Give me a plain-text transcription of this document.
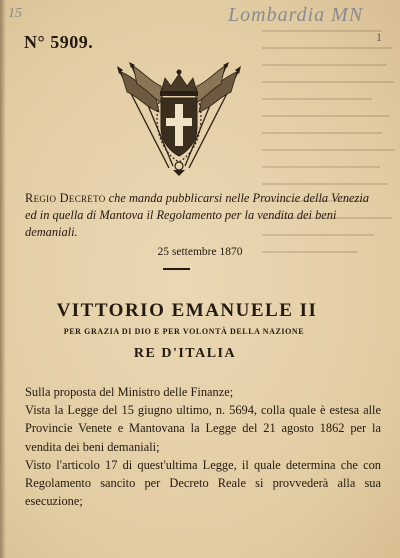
15	Lombardia MN
1
N° 5909.
Regio Decreto che manda pubblicarsi nelle Provincie della Venezia ed in quella di Mantova il Regolamento per la vendita dei beni demaniali.
25 settembre 1870
VITTORIO EMANUELE II
PER GRAZIA DI DIO E PER VOLONTÀ DELLA NAZIONE
RE D'ITALIA

Sulla proposta del Ministro delle Finanze;

Vista la Legge del 15 giugno ultimo, n. 5694, colla quale è estesa alle Provincie Venete e Mantovana la Legge del 21 agosto 1862 per la vendita dei beni demaniali;

Visto l'articolo 17 di quest'ultima Legge, il quale determina che con Regolamento sancito per Decreto Reale si provvederà alla sua esecuzione;
